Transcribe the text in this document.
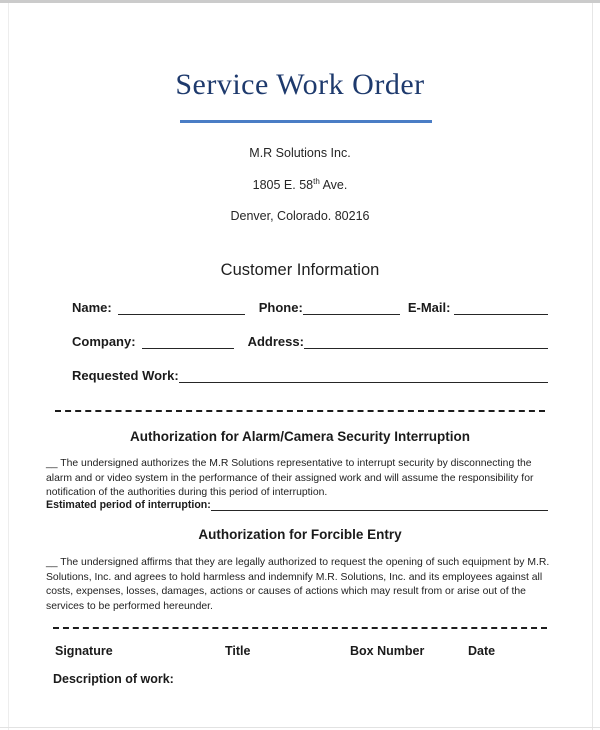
Service Work Order
M.R Solutions Inc.
1805 E. 58th Ave.
Denver, Colorado. 80216
Customer Information
Name:	Phone:	E-Mail:
Company:	Address:
Requested Work:
Authorization for Alarm/Camera Security Interruption

__ The undersigned authorizes the M.R Solutions representative to interrupt security by disconnecting the alarm and or video system in the performance of their assigned work and will assume the responsibility for notification of the authorities during this period of interruption.

Estimated period of interruption:
Authorization for Forcible Entry

__ The undersigned affirms that they are legally authorized to request the opening of such equipment by M.R. Solutions, Inc. and agrees to hold harmless and indemnify M.R. Solutions, Inc. and its employees against all costs, expenses, losses, damages, actions or causes of actions which may result from or arise out of the services to be performed hereunder.

Signature	Title	Box Number	Date
Description of work:
